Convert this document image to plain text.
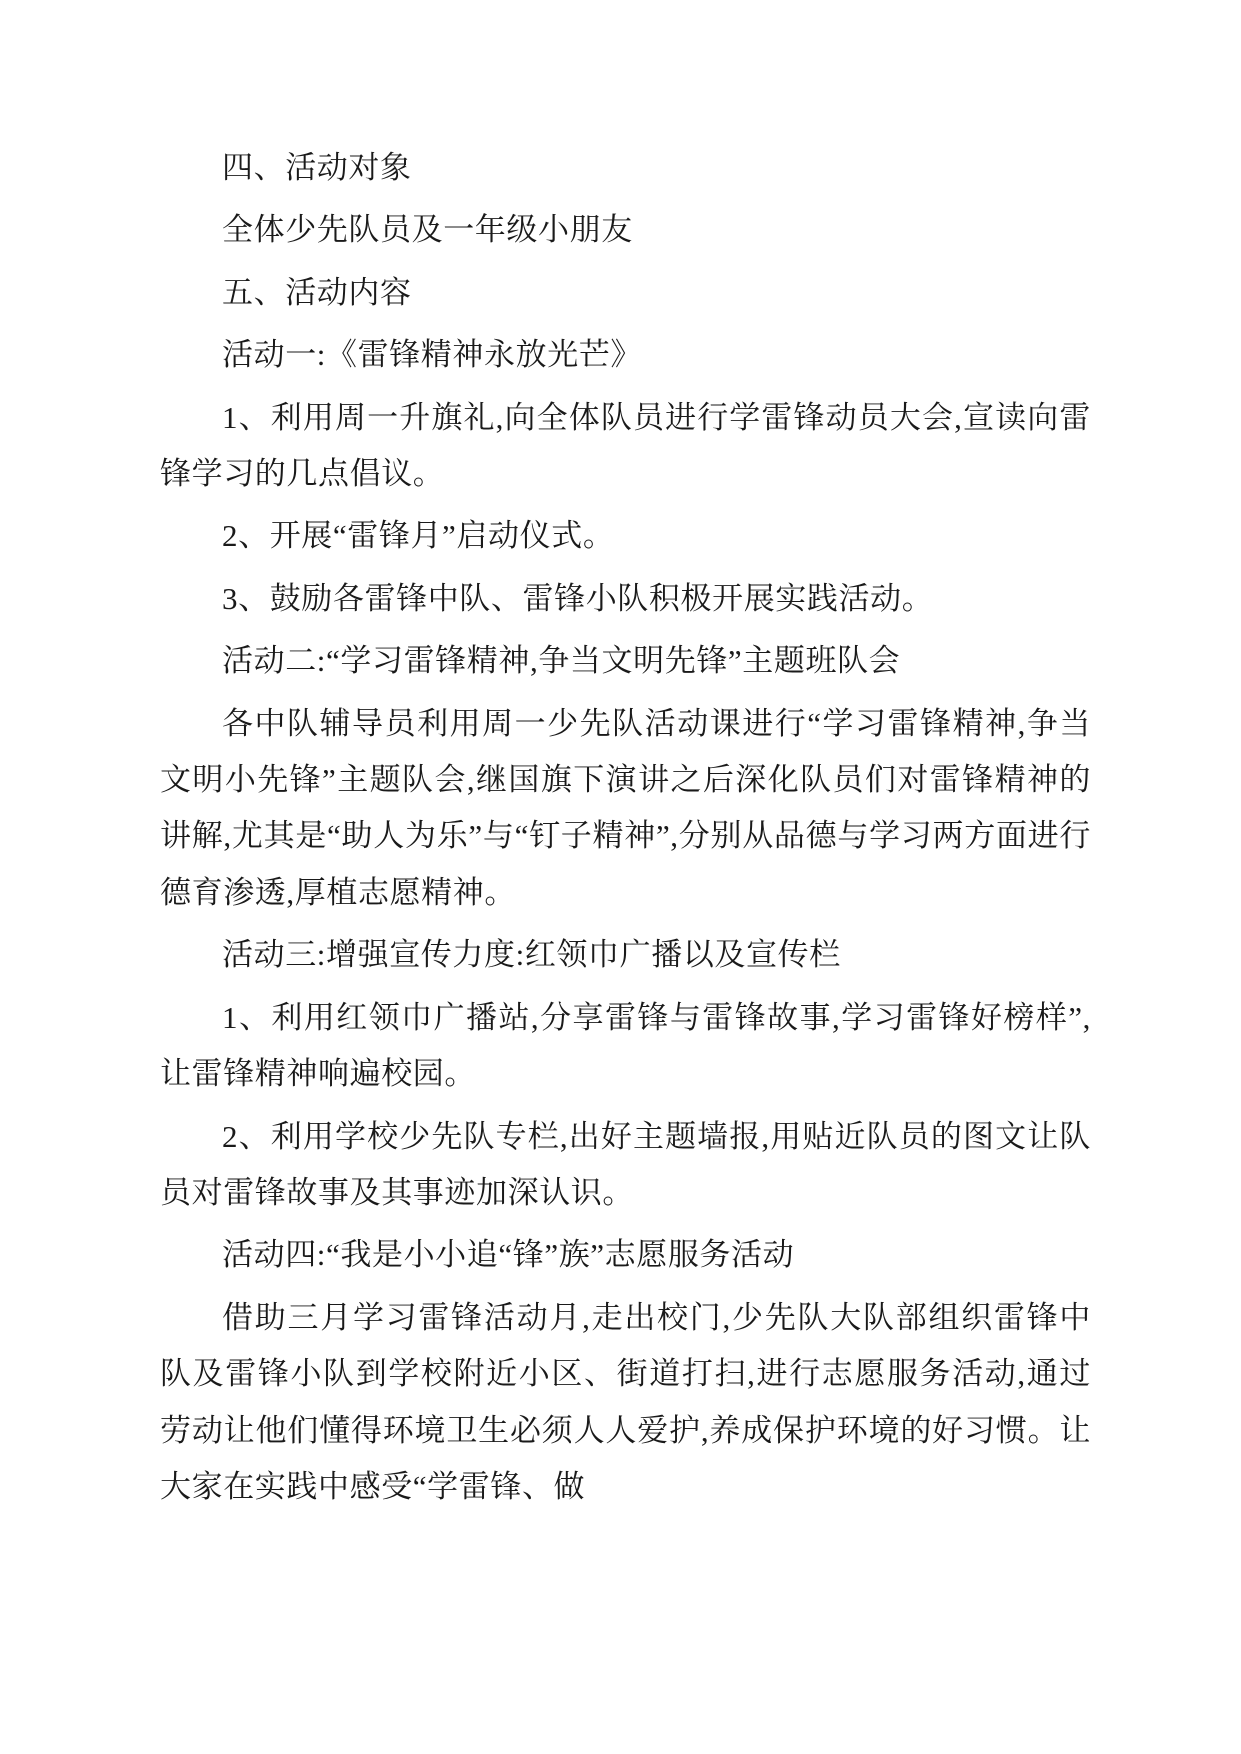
四、活动对象

全体少先队员及一年级小朋友

五、活动内容

活动一:《雷锋精神永放光芒》

1、利用周一升旗礼,向全体队员进行学雷锋动员大会,宣读向雷锋学习的几点倡议。

2、开展“雷锋月”启动仪式。

3、鼓励各雷锋中队、雷锋小队积极开展实践活动。

活动二:“学习雷锋精神,争当文明先锋”主题班队会

各中队辅导员利用周一少先队活动课进行“学习雷锋精神,争当文明小先锋”主题队会,继国旗下演讲之后深化队员们对雷锋精神的讲解,尤其是“助人为乐”与“钉子精神”,分别从品德与学习两方面进行德育渗透,厚植志愿精神。

活动三:增强宣传力度:红领巾广播以及宣传栏

1、利用红领巾广播站,分享雷锋与雷锋故事,学习雷锋好榜样”,让雷锋精神响遍校园。

2、利用学校少先队专栏,出好主题墙报,用贴近队员的图文让队员对雷锋故事及其事迹加深认识。

活动四:“我是小小追“锋”族”志愿服务活动

借助三月学习雷锋活动月,走出校门,少先队大队部组织雷锋中队及雷锋小队到学校附近小区、街道打扫,进行志愿服务活动,通过劳动让他们懂得环境卫生必须人人爱护,养成保护环境的好习惯。让大家在实践中感受“学雷锋、做
